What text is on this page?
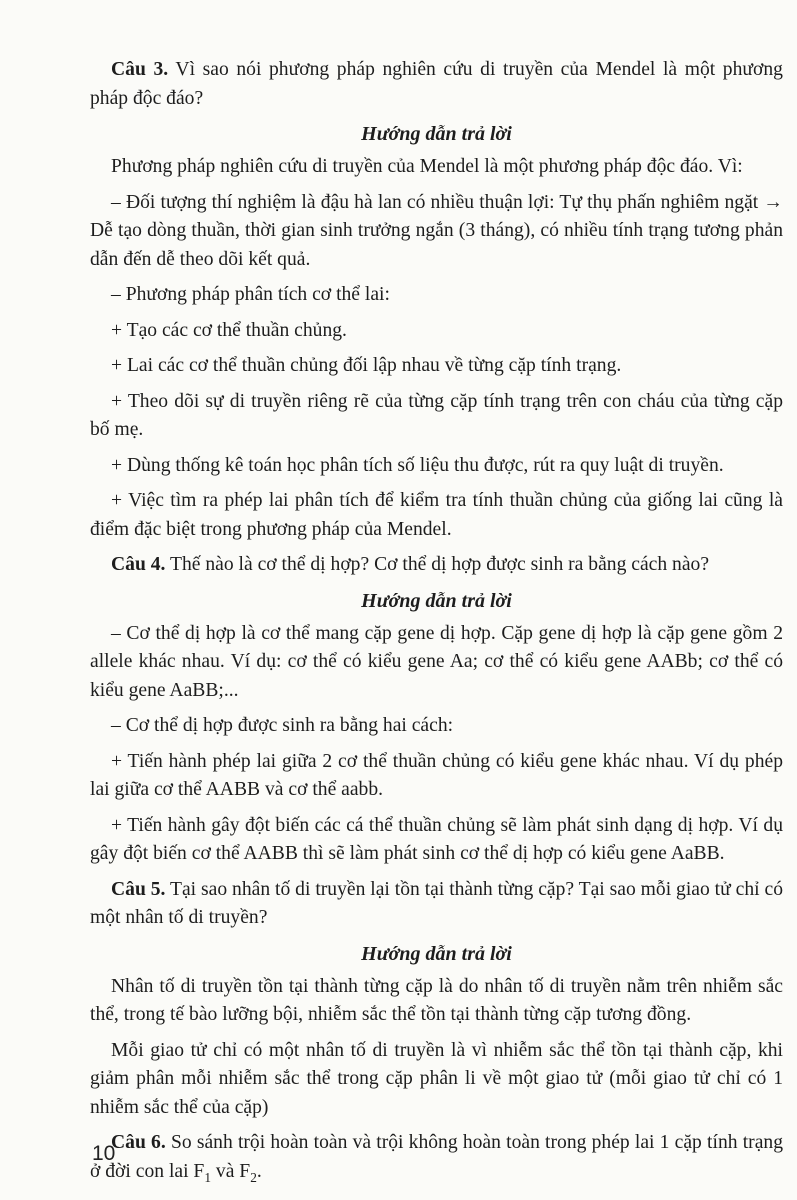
Câu 3. Vì sao nói phương pháp nghiên cứu di truyền của Mendel là một phương pháp độc đáo?

Hướng dẫn trả lời

Phương pháp nghiên cứu di truyền của Mendel là một phương pháp độc đáo. Vì:

– Đối tượng thí nghiệm là đậu hà lan có nhiều thuận lợi: Tự thụ phấn nghiêm ngặt → Dễ tạo dòng thuần, thời gian sinh trưởng ngắn (3 tháng), có nhiều tính trạng tương phản dẫn đến dễ theo dõi kết quả.

– Phương pháp phân tích cơ thể lai:

+ Tạo các cơ thể thuần chủng.

+ Lai các cơ thể thuần chủng đối lập nhau về từng cặp tính trạng.

+ Theo dõi sự di truyền riêng rẽ của từng cặp tính trạng trên con cháu của từng cặp bố mẹ.

+ Dùng thống kê toán học phân tích số liệu thu được, rút ra quy luật di truyền.

+ Việc tìm ra phép lai phân tích để kiểm tra tính thuần chủng của giống lai cũng là điểm đặc biệt trong phương pháp của Mendel.

Câu 4. Thế nào là cơ thể dị hợp? Cơ thể dị hợp được sinh ra bằng cách nào?

Hướng dẫn trả lời

– Cơ thể dị hợp là cơ thể mang cặp gene dị hợp. Cặp gene dị hợp là cặp gene gồm 2 allele khác nhau. Ví dụ: cơ thể có kiểu gene Aa; cơ thể có kiểu gene AABb; cơ thể có kiểu gene AaBB;...

– Cơ thể dị hợp được sinh ra bằng hai cách:

+ Tiến hành phép lai giữa 2 cơ thể thuần chủng có kiểu gene khác nhau. Ví dụ phép lai giữa cơ thể AABB và cơ thể aabb.

+ Tiến hành gây đột biến các cá thể thuần chủng sẽ làm phát sinh dạng dị hợp. Ví dụ gây đột biến cơ thể AABB thì sẽ làm phát sinh cơ thể dị hợp có kiểu gene AaBB.

Câu 5. Tại sao nhân tố di truyền lại tồn tại thành từng cặp? Tại sao mỗi giao tử chỉ có một nhân tố di truyền?

Hướng dẫn trả lời

Nhân tố di truyền tồn tại thành từng cặp là do nhân tố di truyền nằm trên nhiễm sắc thể, trong tế bào lưỡng bội, nhiễm sắc thể tồn tại thành từng cặp tương đồng.

Mỗi giao tử chỉ có một nhân tố di truyền là vì nhiễm sắc thể tồn tại thành cặp, khi giảm phân mỗi nhiễm sắc thể trong cặp phân li về một giao tử (mỗi giao tử chỉ có 1 nhiễm sắc thể của cặp)

Câu 6. So sánh trội hoàn toàn và trội không hoàn toàn trong phép lai 1 cặp tính trạng ở đời con lai $F_1$ và $F_2$.

10
